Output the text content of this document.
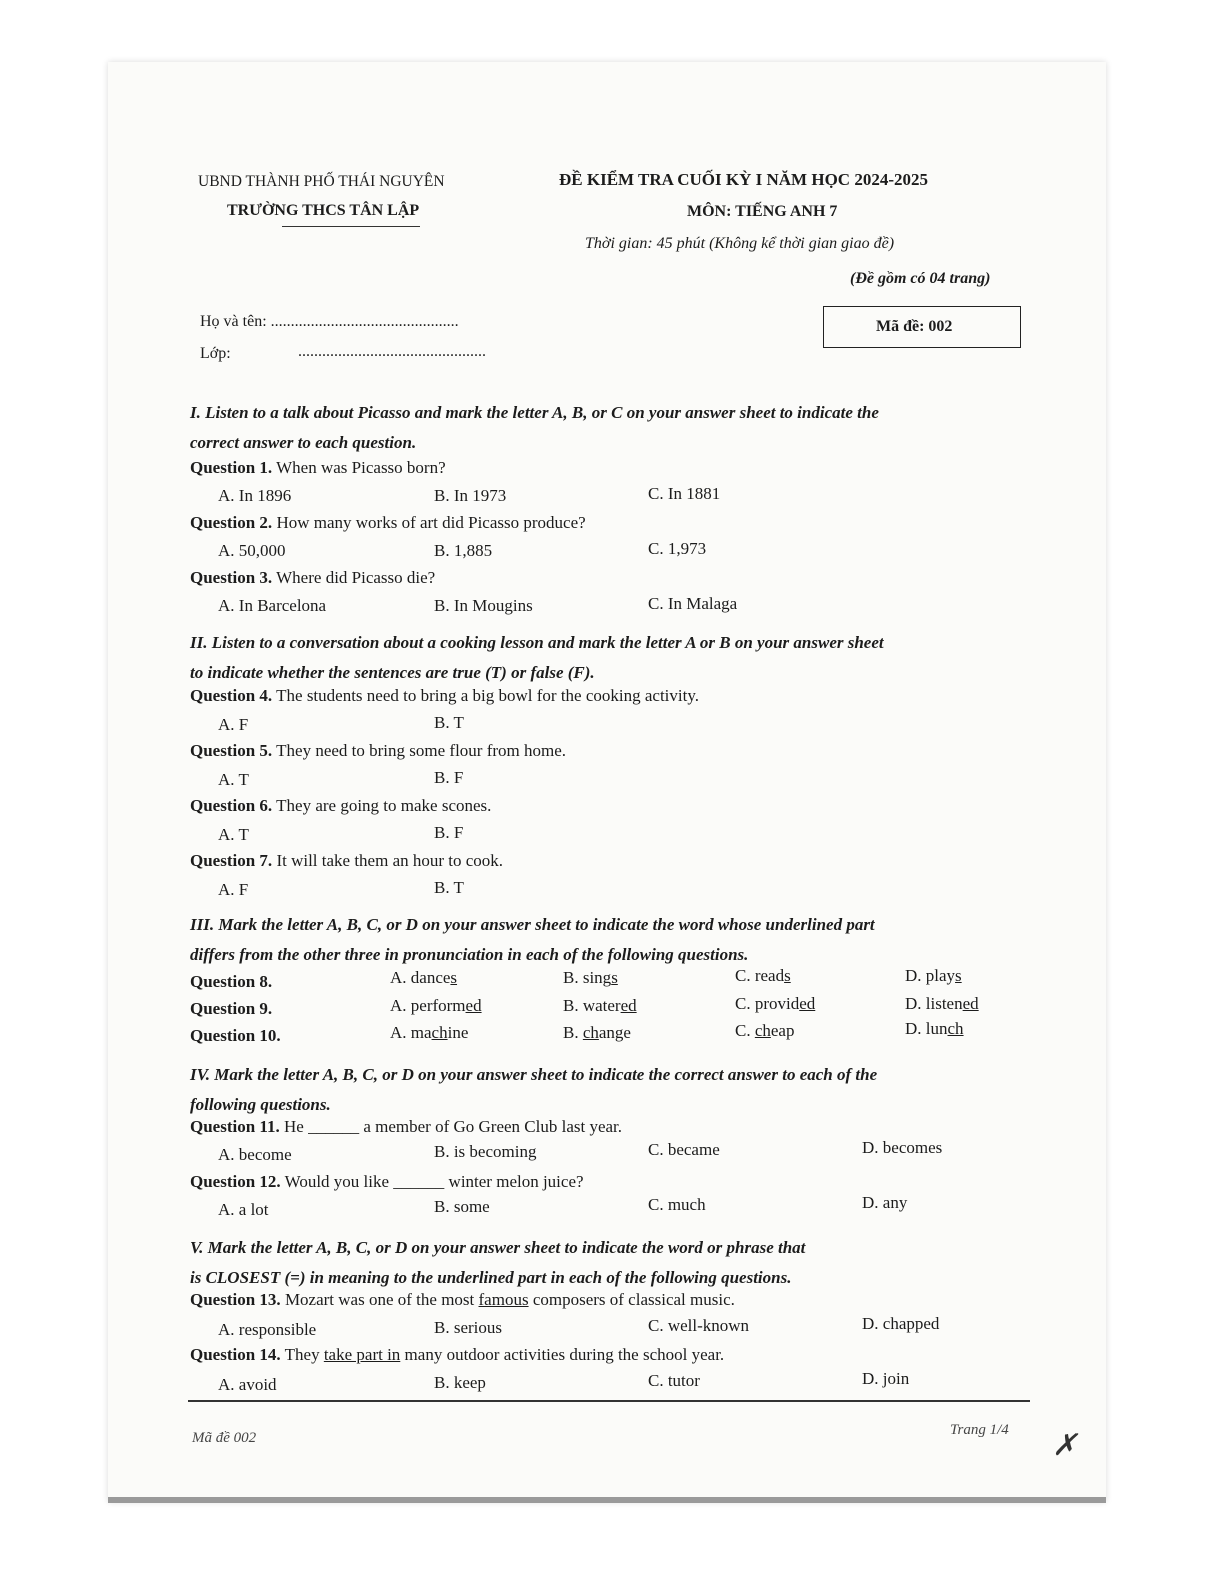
UBND THÀNH PHỐ THÁI NGUYÊN
TRƯỜNG THCS TÂN LẬP
ĐỀ KIỂM TRA CUỐI KỲ I NĂM HỌC 2024-2025
MÔN: TIẾNG ANH 7
Thời gian: 45 phút (Không kể thời gian giao đề)
(Đề gồm có 04 trang)
Họ và tên: ...............................................
Lớp:	...............................................
Mã đề: 002
I. Listen to a talk about Picasso and mark the letter A, B, or C on your answer sheet to indicate the
correct answer to each question.
Question 1. When was Picasso born?
A. In 1896	B. In 1973	C. In 1881
Question 2. How many works of art did Picasso produce?
A. 50,000	B. 1,885	C. 1,973
Question 3. Where did Picasso die?
A. In Barcelona	B. In Mougins	C. In Malaga
II. Listen to a conversation about a cooking lesson and mark the letter A or B on your answer sheet
to indicate whether the sentences are true (T) or false (F).
Question 4. The students need to bring a big bowl for the cooking activity.
A. F	B. T
Question 5. They need to bring some flour from home.
A. T	B. F
Question 6. They are going to make scones.
A. T	B. F
Question 7. It will take them an hour to cook.
A. F	B. T
III. Mark the letter A, B, C, or D on your answer sheet to indicate the word whose underlined part
differs from the other three in pronunciation in each of the following questions.
Question 8.	A. dances	B. sings	C. reads	D. plays
Question 9.	A. performed	B. watered	C. provided	D. listened
Question 10.	A. machine	B. change	C. cheap	D. lunch
IV. Mark the letter A, B, C, or D on your answer sheet to indicate the correct answer to each of the
following questions.
Question 11. He ______ a member of Go Green Club last year.
A. become	B. is becoming	C. became	D. becomes
Question 12. Would you like ______ winter melon juice?
A. a lot	B. some	C. much	D. any
V. Mark the letter A, B, C, or D on your answer sheet to indicate the word or phrase that
is CLOSEST (=) in meaning to the underlined part in each of the following questions.
Question 13. Mozart was one of the most famous composers of classical music.
A. responsible	B. serious	C. well-known	D. chapped
Question 14. They take part in many outdoor activities during the school year.
A. avoid	B. keep	C. tutor	D. join
Mã đề 002	Trang 1/4 ✗
